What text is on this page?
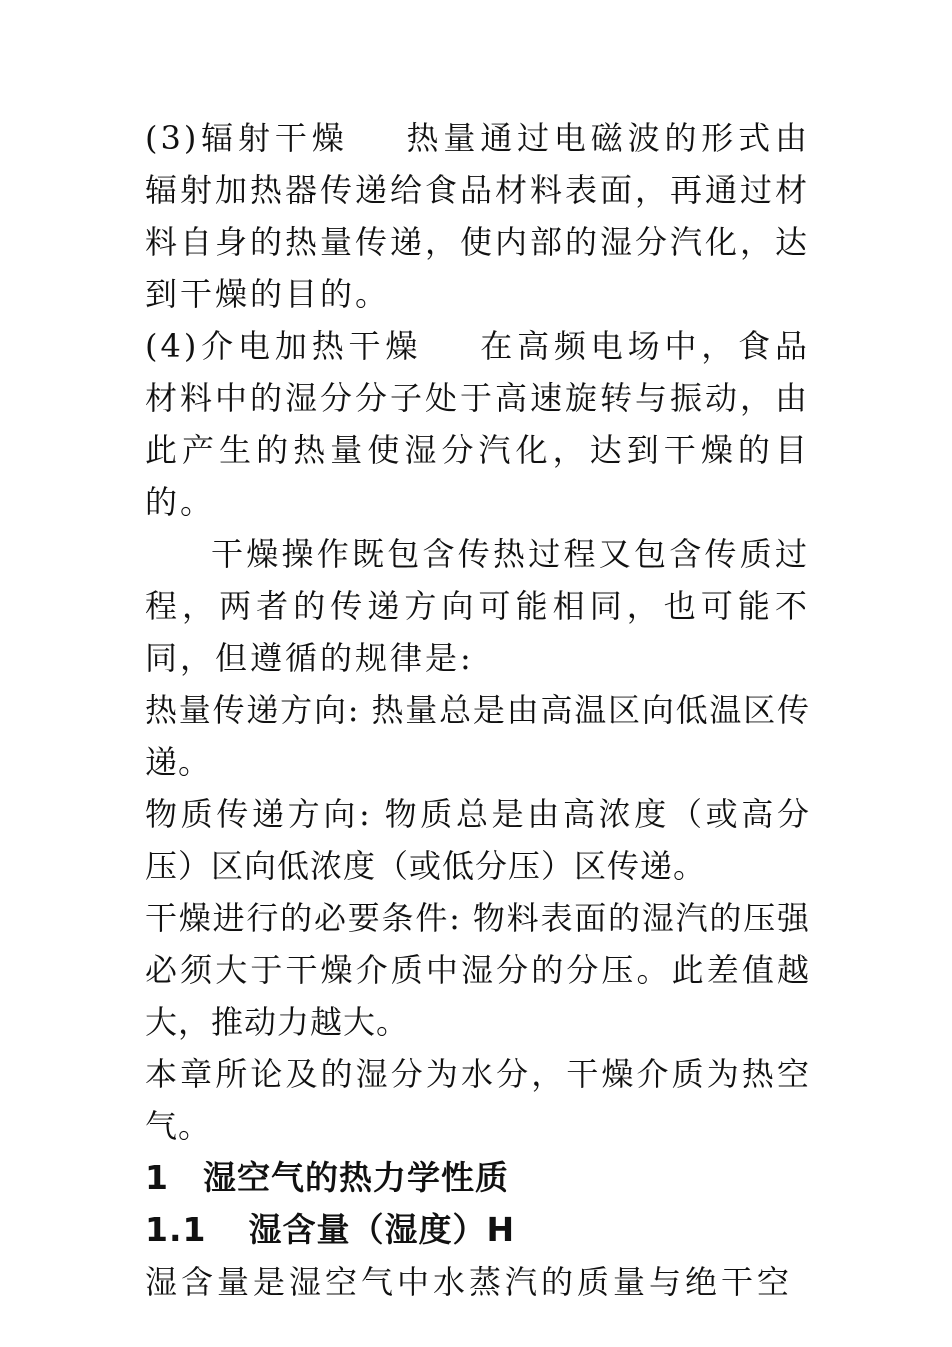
(3)辐射干燥 热量通过电磁波的形式由辐射加热器传递给食品材料表面，再通过材料自身的热量传递，使内部的湿分汽化，达到干燥的目的。

(4)介电加热干燥 在高频电场中，食品材料中的湿分分子处于高速旋转与振动，由此产生的热量使湿分汽化，达到干燥的目的。

干燥操作既包含传热过程又包含传质过程，两者的传递方向可能相同，也可能不同，但遵循的规律是:

热量传递方向: 热量总是由高温区向低温区传递。

物质传递方向: 物质总是由高浓度（或高分压）区向低浓度（或低分压）区传递。

干燥进行的必要条件: 物料表面的湿汽的压强必须大于干燥介质中湿分的分压。此差值越大，推动力越大。

本章所论及的湿分为水分，干燥介质为热空气。

1 湿空气的热力学性质
1.1 湿含量（湿度）H

湿含量是湿空气中水蒸汽的质量与绝干空
